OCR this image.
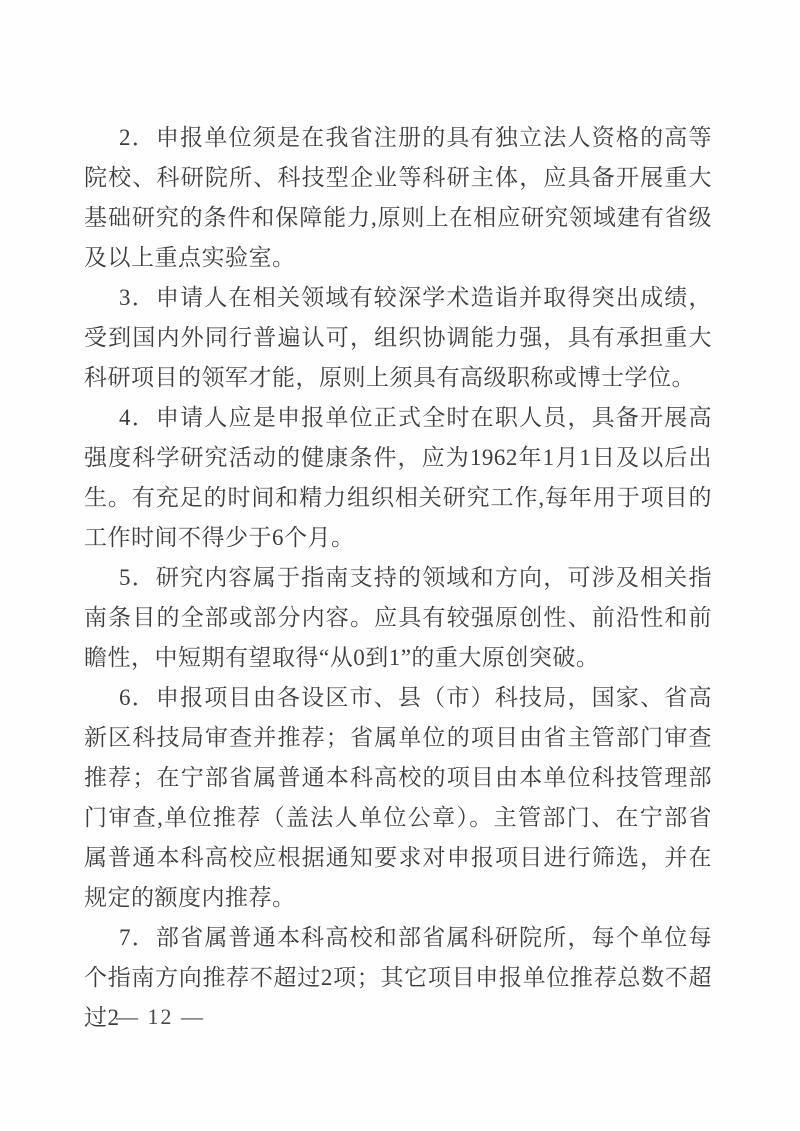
2．申报单位须是在我省注册的具有独立法人资格的高等院校、科研院所、科技型企业等科研主体，应具备开展重大基础研究的条件和保障能力,原则上在相应研究领域建有省级及以上重点实验室。

3．申请人在相关领域有较深学术造诣并取得突出成绩，受到国内外同行普遍认可，组织协调能力强，具有承担重大科研项目的领军才能，原则上须具有高级职称或博士学位。

4．申请人应是申报单位正式全时在职人员，具备开展高强度科学研究活动的健康条件，应为1962年1月1日及以后出生。有充足的时间和精力组织相关研究工作,每年用于项目的工作时间不得少于6个月。

5．研究内容属于指南支持的领域和方向，可涉及相关指南条目的全部或部分内容。应具有较强原创性、前沿性和前瞻性，中短期有望取得“从0到1”的重大原创突破。

6．申报项目由各设区市、县（市）科技局，国家、省高新区科技局审查并推荐；省属单位的项目由省主管部门审查推荐；在宁部省属普通本科高校的项目由本单位科技管理部门审查,单位推荐（盖法人单位公章）。主管部门、在宁部省属普通本科高校应根据通知要求对申报项目进行筛选，并在规定的额度内推荐。

7．部省属普通本科高校和部省属科研院所，每个单位每个指南方向推荐不超过2项；其它项目申报单位推荐总数不超过2

— 12 —
